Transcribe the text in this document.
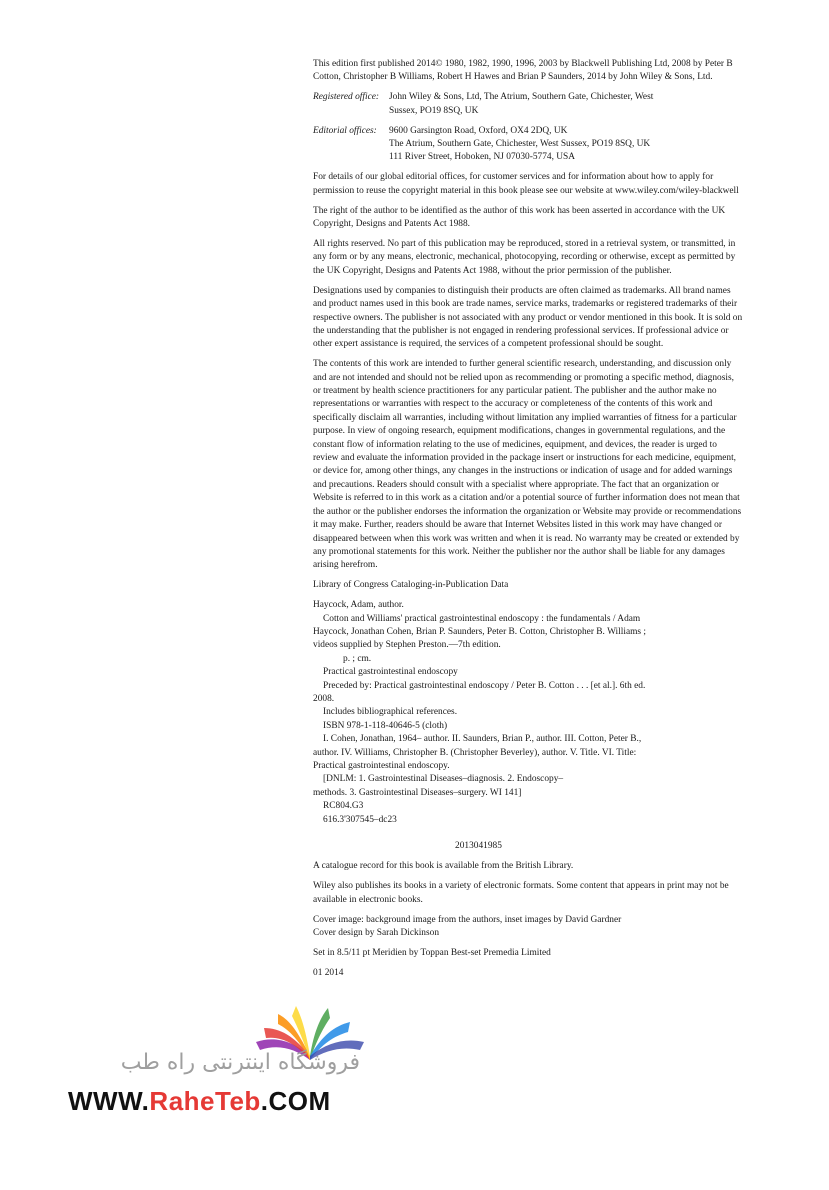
This edition first published 2014© 1980, 1982, 1990, 1996, 2003 by Blackwell Publishing Ltd, 2008 by Peter B Cotton, Christopher B Williams, Robert H Hawes and Brian P Saunders, 2014 by John Wiley & Sons, Ltd.

Registered office:	John Wiley & Sons, Ltd, The Atrium, Southern Gate, Chichester, West
Sussex, PO19 8SQ, UK
Editorial offices:	9600 Garsington Road, Oxford, OX4 2DQ, UK
The Atrium, Southern Gate, Chichester, West Sussex, PO19 8SQ, UK
111 River Street, Hoboken, NJ 07030-5774, USA

For details of our global editorial offices, for customer services and for information about how to apply for permission to reuse the copyright material in this book please see our website at www.wiley.com/wiley-blackwell

The right of the author to be identified as the author of this work has been asserted in accordance with the UK Copyright, Designs and Patents Act 1988.

All rights reserved. No part of this publication may be reproduced, stored in a retrieval system, or transmitted, in any form or by any means, electronic, mechanical, photocopying, recording or otherwise, except as permitted by the UK Copyright, Designs and Patents Act 1988, without the prior permission of the publisher.

Designations used by companies to distinguish their products are often claimed as trademarks. All brand names and product names used in this book are trade names, service marks, trademarks or registered trademarks of their respective owners. The publisher is not associated with any product or vendor mentioned in this book. It is sold on the understanding that the publisher is not engaged in rendering professional services. If professional advice or other expert assistance is required, the services of a competent professional should be sought.

The contents of this work are intended to further general scientific research, understanding, and discussion only and are not intended and should not be relied upon as recommending or promoting a specific method, diagnosis, or treatment by health science practitioners for any particular patient. The publisher and the author make no representations or warranties with respect to the accuracy or completeness of the contents of this work and specifically disclaim all warranties, including without limitation any implied warranties of fitness for a particular purpose. In view of ongoing research, equipment modifications, changes in governmental regulations, and the constant flow of information relating to the use of medicines, equipment, and devices, the reader is urged to review and evaluate the information provided in the package insert or instructions for each medicine, equipment, or device for, among other things, any changes in the instructions or indication of usage and for added warnings and precautions. Readers should consult with a specialist where appropriate. The fact that an organization or Website is referred to in this work as a citation and/or a potential source of further information does not mean that the author or the publisher endorses the information the organization or Website may provide or recommendations it may make. Further, readers should be aware that Internet Websites listed in this work may have changed or disappeared between when this work was written and when it is read. No warranty may be created or extended by any promotional statements for this work. Neither the publisher nor the author shall be liable for any damages arising herefrom.

Library of Congress Cataloging-in-Publication Data

Haycock, Adam, author.
Cotton and Williams' practical gastrointestinal endoscopy : the fundamentals / Adam
Haycock, Jonathan Cohen, Brian P. Saunders, Peter B. Cotton, Christopher B. Williams ;
videos supplied by Stephen Preston.—7th edition.
p. ; cm.
Practical gastrointestinal endoscopy
Preceded by: Practical gastrointestinal endoscopy / Peter B. Cotton . . . [et al.]. 6th ed.
2008.
Includes bibliographical references.
ISBN 978-1-118-40646-5 (cloth)
I. Cohen, Jonathan, 1964– author. II. Saunders, Brian P., author. III. Cotton, Peter B.,
author. IV. Williams, Christopher B. (Christopher Beverley), author. V. Title. VI. Title:
Practical gastrointestinal endoscopy.
[DNLM: 1. Gastrointestinal Diseases–diagnosis. 2. Endoscopy–
methods. 3. Gastrointestinal Diseases–surgery. WI 141]
RC804.G3
616.3'307545–dc23
2013041985

A catalogue record for this book is available from the British Library.

Wiley also publishes its books in a variety of electronic formats. Some content that appears in print may not be available in electronic books.

Cover image: background image from the authors, inset images by David Gardner
Cover design by Sarah Dickinson

Set in 8.5/11 pt Meridien by Toppan Best-set Premedia Limited

01 2014

فروشگاه اینترنتی راه طب
WWW.RaheTeb.COM
